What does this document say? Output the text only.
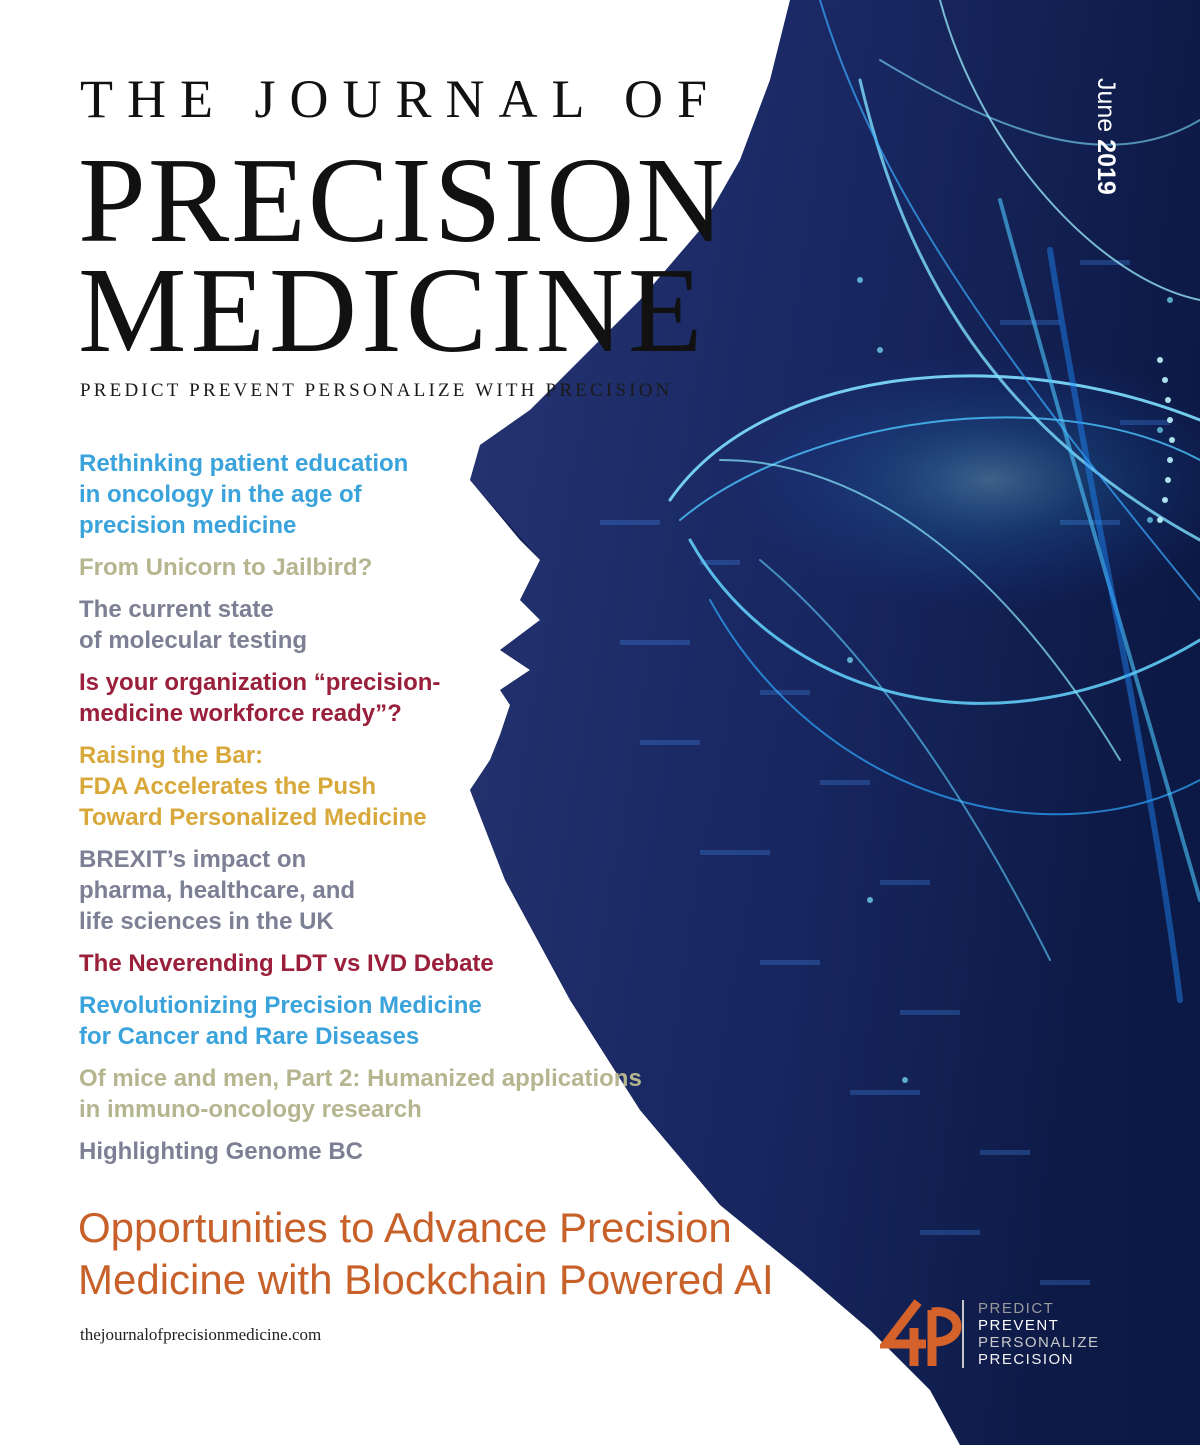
THE JOURNAL OF
PRECISION
MEDICINE
PREDICT PREVENT PERSONALIZE WITH PRECISION
June 2019
Rethinking patient education
in oncology in the age of
precision medicine
From Unicorn to Jailbird?
The current state
of molecular testing
Is your organization “precision-
medicine workforce ready”?
Raising the Bar:
FDA Accelerates the Push
Toward Personalized Medicine
BREXIT’s impact on
pharma, healthcare, and
life sciences in the UK
The Neverending LDT vs IVD Debate
Revolutionizing Precision Medicine
for Cancer and Rare Diseases
Of mice and men, Part 2: Humanized applications
in immuno-oncology research
Highlighting Genome BC
Opportunities to Advance Precision
Medicine with Blockchain Powered AI
thejournalofprecisionmedicine.com
PREDICT
PREVENT
PERSONALIZE
PRECISION
